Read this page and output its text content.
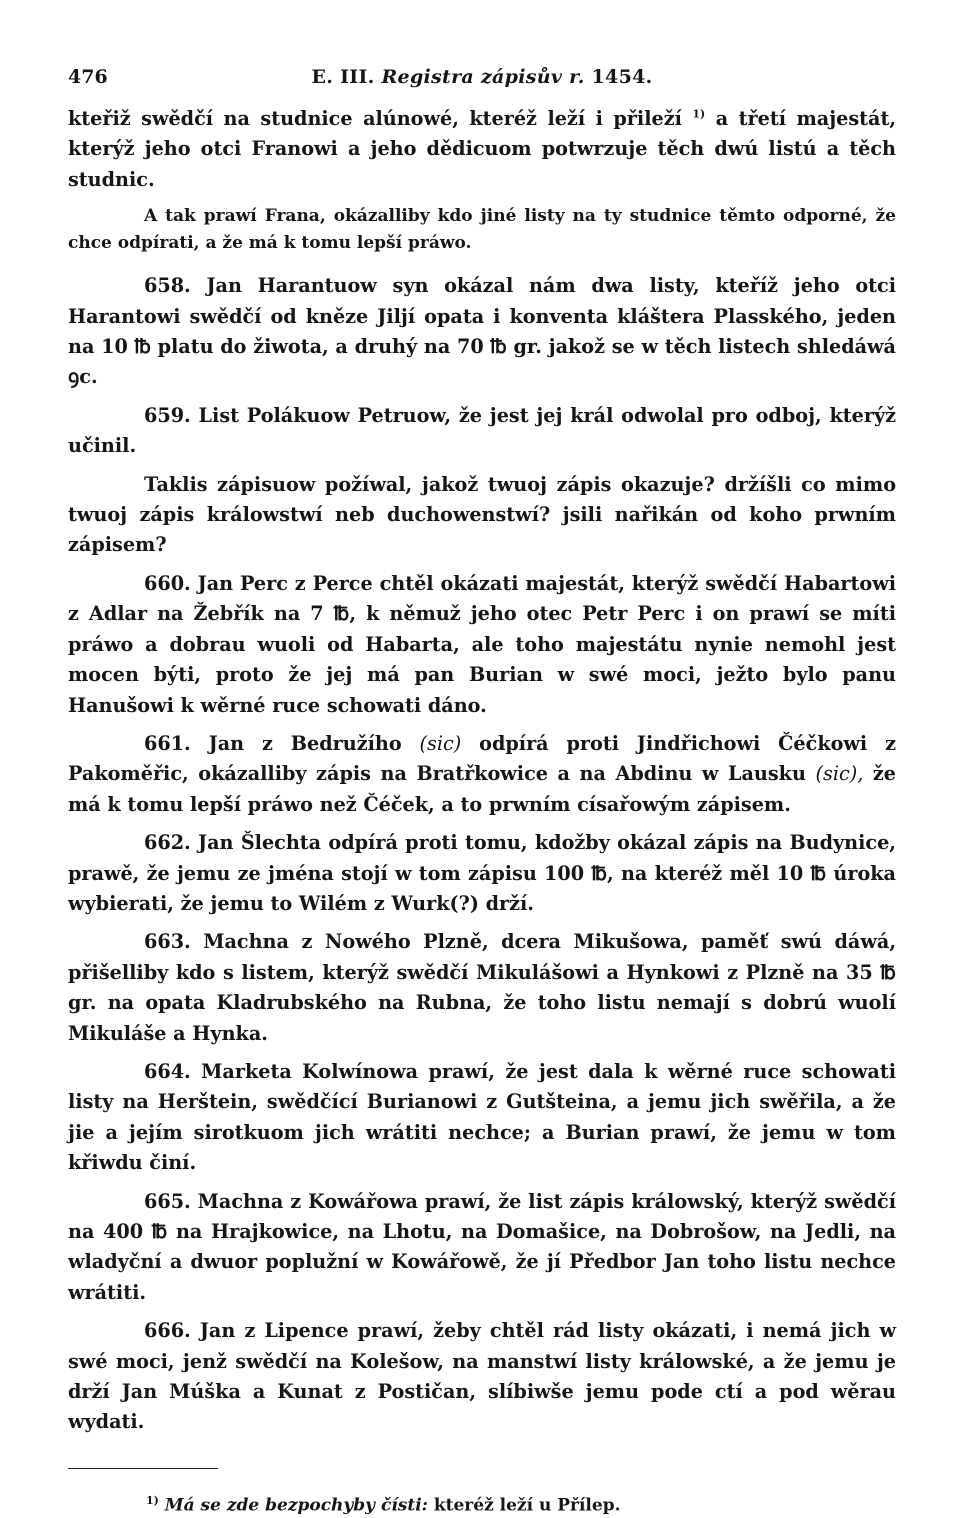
476	E. III. Registra zápisův r. 1454.

kteřiž swědčí na studnice alúnowé, kteréž leží i přileží $^{1)}$ a třetí majestát, kterýž jeho otci Franowi a jeho dědicuom potwrzuje těch dwú listú a těch studnic.

A tak prawí Frana, okázalliby kdo jiné listy na ty studnice těmto odporné, že chce odpírati, a že má k tomu lepší práwo.

658. Jan Harantuow syn okázal nám dwa listy, kteříž jeho otci Harantowi swědčí od kněze Jiljí opata i konventa kláštera Plasského, jeden na 10 ℔ platu do žiwota, a druhý na 70 ℔ gr. jakož se w těch listech shledáwá ꝯc.

659. List Polákuow Petruow, že jest jej král odwolal pro odboj, kterýž učinil.

Taklis zápisuow požíwal, jakož twuoj zápis okazuje? držíšli co mimo twuoj zápis králowstwí neb duchowenstwí? jsili nařikán od koho prwním zápisem?

660. Jan Perc z Perce chtěl okázati majestát, kterýž swědčí Habartowi z Adlar na Žebřík na 7 ℔, k němuž jeho otec Petr Perc i on prawí se míti práwo a dobrau wuoli od Habarta, ale toho majestátu nynie nemohl jest mocen býti, proto že jej má pan Burian w swé moci, ježto bylo panu Hanušowi k wěrné ruce schowati dáno.

661. Jan z Bedružího (sic) odpírá proti Jindřichowi Čéčkowi z Pakoměřic, okázalliby zápis na Bratřkowice a na Abdinu w Lausku (sic), že má k tomu lepší práwo než Čéček, a to prwním císařowým zápisem.

662. Jan Šlechta odpírá proti tomu, kdožby okázal zápis na Budynice, prawě, že jemu ze jména stojí w tom zápisu 100 ℔, na kteréž měl 10 ℔ úroka wybierati, že jemu to Wilém z Wurk(?) drží.

663. Machna z Nowého Plzně, dcera Mikušowa, paměť swú dáwá, přišelliby kdo s listem, kterýž swědčí Mikulášowi a Hynkowi z Plzně na 35 ℔ gr. na opata Kladrubského na Rubna, že toho listu nemají s dobrú wuolí Mikuláše a Hynka.

664. Marketa Kolwínowa prawí, že jest dala k wěrné ruce schowati listy na Herštein, swědčící Burianowi z Gutšteina, a jemu jich swěřila, a že jie a jejím sirotkuom jich wrátiti nechce; a Burian prawí, že jemu w tom křiwdu činí.

665. Machna z Kowářowa prawí, že list zápis králowský, kterýž swědčí na 400 ℔ na Hrajkowice, na Lhotu, na Domašice, na Dobrošow, na Jedli, na wladyční a dwuor poplužní w Kowářowě, že jí Předbor Jan toho listu nechce wrátiti.

666. Jan z Lipence prawí, žeby chtěl rád listy okázati, i nemá jich w swé moci, jenž swědčí na Kolešow, na manstwí listy králowské, a že jemu je drží Jan Múška a Kunat z Postičan, slíbiwše jemu pode ctí a pod wěrau wydati.

$^{1)}$ Má se zde bezpochyby čísti: kteréž leží u Přílep.
